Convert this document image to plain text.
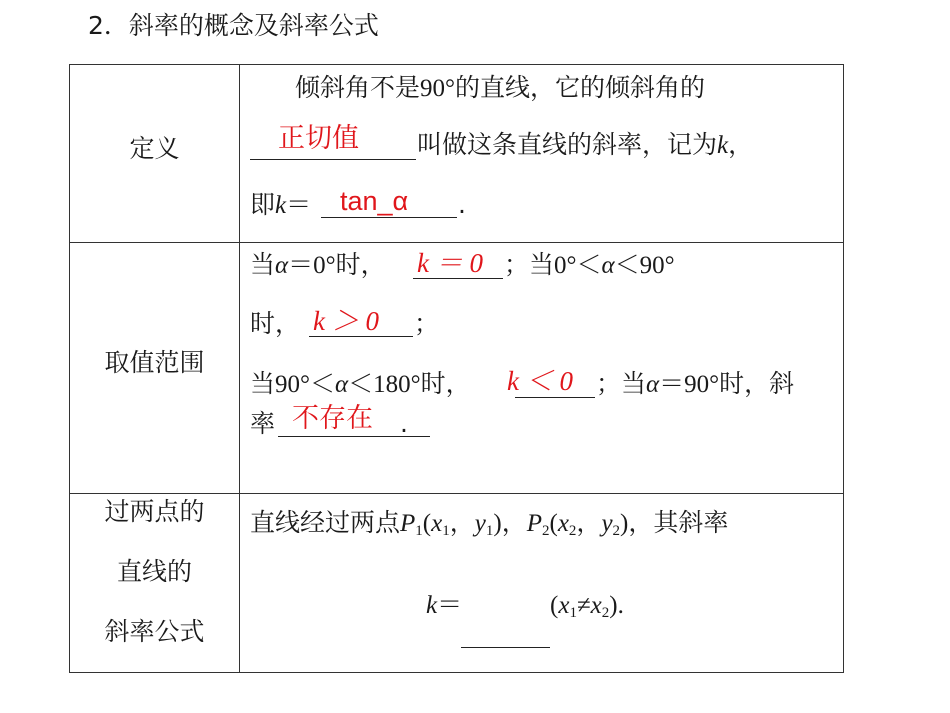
2．斜率的概念及斜率公式
定义
倾斜角不是90°的直线，它的倾斜角的
正切值 叫做这条直线的斜率，记为k，
即k＝ tan_α .
取值范围
当α＝0°时， k ＝ 0 ；当0°＜α＜90°
时， k ＞ 0 ；
当90°＜α＜180°时， k ＜ 0 ；当α＝90°时，斜
率 不存在 .
过两点的
直线的
斜率公式
直线经过两点$P_1(x_1$，$y_1$)，$P_2(x_2$，$y_2$)，其斜率
k＝	$(x_1\ne x_2)$.
